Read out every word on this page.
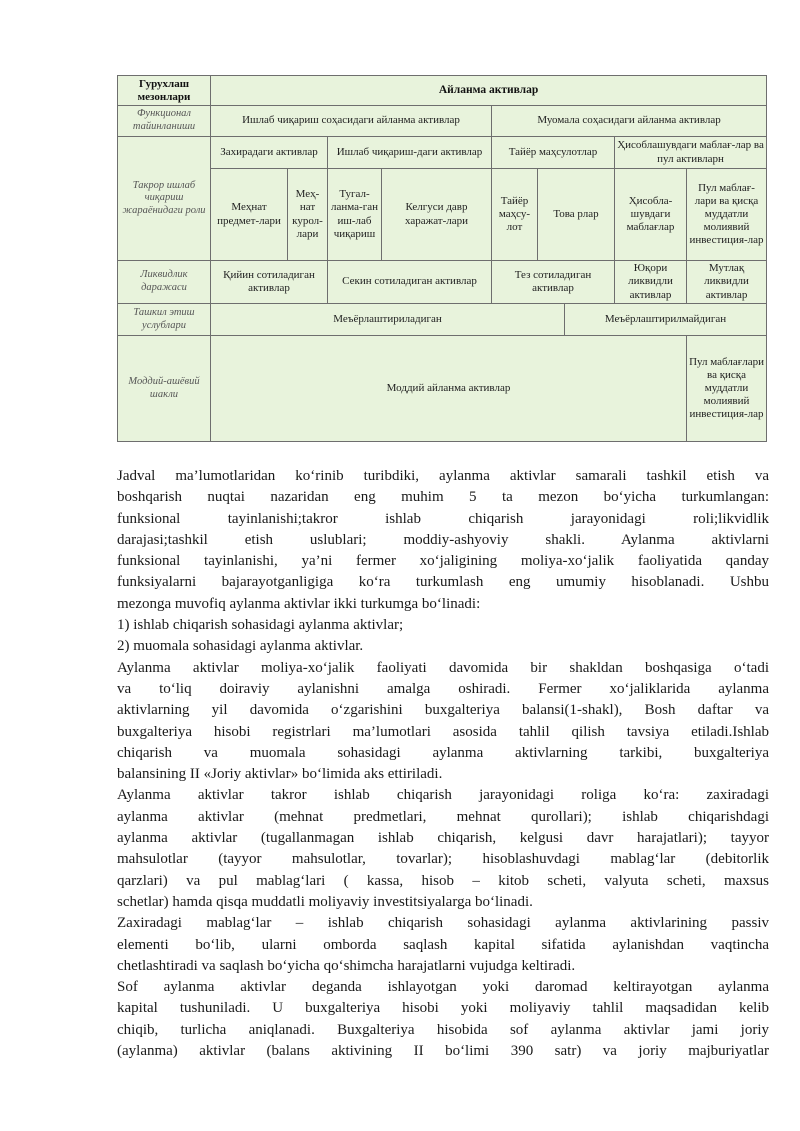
Гурухлаш мезонлари	Айланма активлар								
Функционал тайинланиши	Ишлаб чиқариш соҳасидаги айланма активлар				Муомала соҳасидаги айланма активлар				
Такрор ишлаб чиқариш жараёнидаги роли	Захирадаги активлар		Ишлаб чиқариш-даги активлар		Тайёр маҳсулотлар			Ҳисоблашувдаги маблағ-лар ва пул активларн	
	Меҳнат предмет-лари	Меҳ-нат курол-лари	Тугал-ланма-ган иш-лаб чиқариш	Келгуси давр харажат-лари	Тайёр маҳсу-лот	Това рлар		Ҳисобла-шувдаги маблағлар	Пул маблағ-лари ва қисқа муддатли молиявий инвестиция-лар
Ликвидлик даражаси	Қийин сотиладиган активлар		Секин сотиладиган активлар		Тез сотиладиган активлар			Юқори ликвидли активлар	Мутлақ ликвидли активлар
Ташкил этиш услублари	Меъёрлаштириладиган						Меъёрлаштирилмайдиган		
Моддий-ашёвий шакли	Моддий айланма активлар								Пул маблағлари ва қисқа муддатли молиявий инвестиция-лар
Jadval ma’lumotlaridan ko‘rinib turibdiki, aylanma aktivlar samarali tashkil etish va
boshqarish nuqtai nazaridan eng muhim 5 ta mezon bo‘yicha turkumlangan:
funksional tayinlanishi;takror ishlab chiqarish jarayonidagi roli;likvidlik
darajasi;tashkil etish uslublari; moddiy-ashyoviy shakli. Aylanma aktivlarni
funksional tayinlanishi, ya’ni fermer xo‘jaligining moliya-xo‘jalik faoliyatida qanday
funksiyalarni bajarayotganligiga ko‘ra turkumlash eng umumiy hisoblanadi. Ushbu
mezonga muvofiq aylanma aktivlar ikki turkumga bo‘linadi:
1) ishlab chiqarish sohasidagi aylanma aktivlar;
2) muomala sohasidagi aylanma aktivlar.
Aylanma aktivlar moliya-xo‘jalik faoliyati davomida bir shakldan boshqasiga o‘tadi
va to‘liq doiraviy aylanishni amalga oshiradi. Fermer xo‘jaliklarida aylanma
aktivlarning yil davomida o‘zgarishini buxgalteriya balansi(1-shakl), Bosh daftar va
buxgalteriya hisobi registrlari ma’lumotlari asosida tahlil qilish tavsiya etiladi.Ishlab
chiqarish va muomala sohasidagi aylanma aktivlarning tarkibi, buxgalteriya
balansining II «Joriy aktivlar» bo‘limida aks ettiriladi.
Aylanma aktivlar takror ishlab chiqarish jarayonidagi roliga ko‘ra: zaxiradagi
aylanma aktivlar (mehnat predmetlari, mehnat qurollari); ishlab chiqarishdagi
aylanma aktivlar (tugallanmagan ishlab chiqarish, kelgusi davr harajatlari); tayyor
mahsulotlar (tayyor mahsulotlar, tovarlar); hisoblashuvdagi mablag‘lar (debitorlik
qarzlari) va pul mablag‘lari ( kassa, hisob – kitob scheti, valyuta scheti, maxsus
schetlar) hamda qisqa muddatli moliyaviy investitsiyalarga bo‘linadi.
Zaxiradagi mablag‘lar – ishlab chiqarish sohasidagi aylanma aktivlarining passiv
elementi bo‘lib, ularni omborda saqlash kapital sifatida aylanishdan vaqtincha
chetlashtiradi va saqlash bo‘yicha qo‘shimcha harajatlarni vujudga keltiradi.
Sof aylanma aktivlar deganda ishlayotgan yoki daromad keltirayotgan aylanma
kapital tushuniladi. U buxgalteriya hisobi yoki moliyaviy tahlil maqsadidan kelib
chiqib, turlicha aniqlanadi. Buxgalteriya hisobida sof aylanma aktivlar jami joriy
(aylanma) aktivlar (balans aktivining II bo‘limi 390 satr) va joriy majburiyatlar
